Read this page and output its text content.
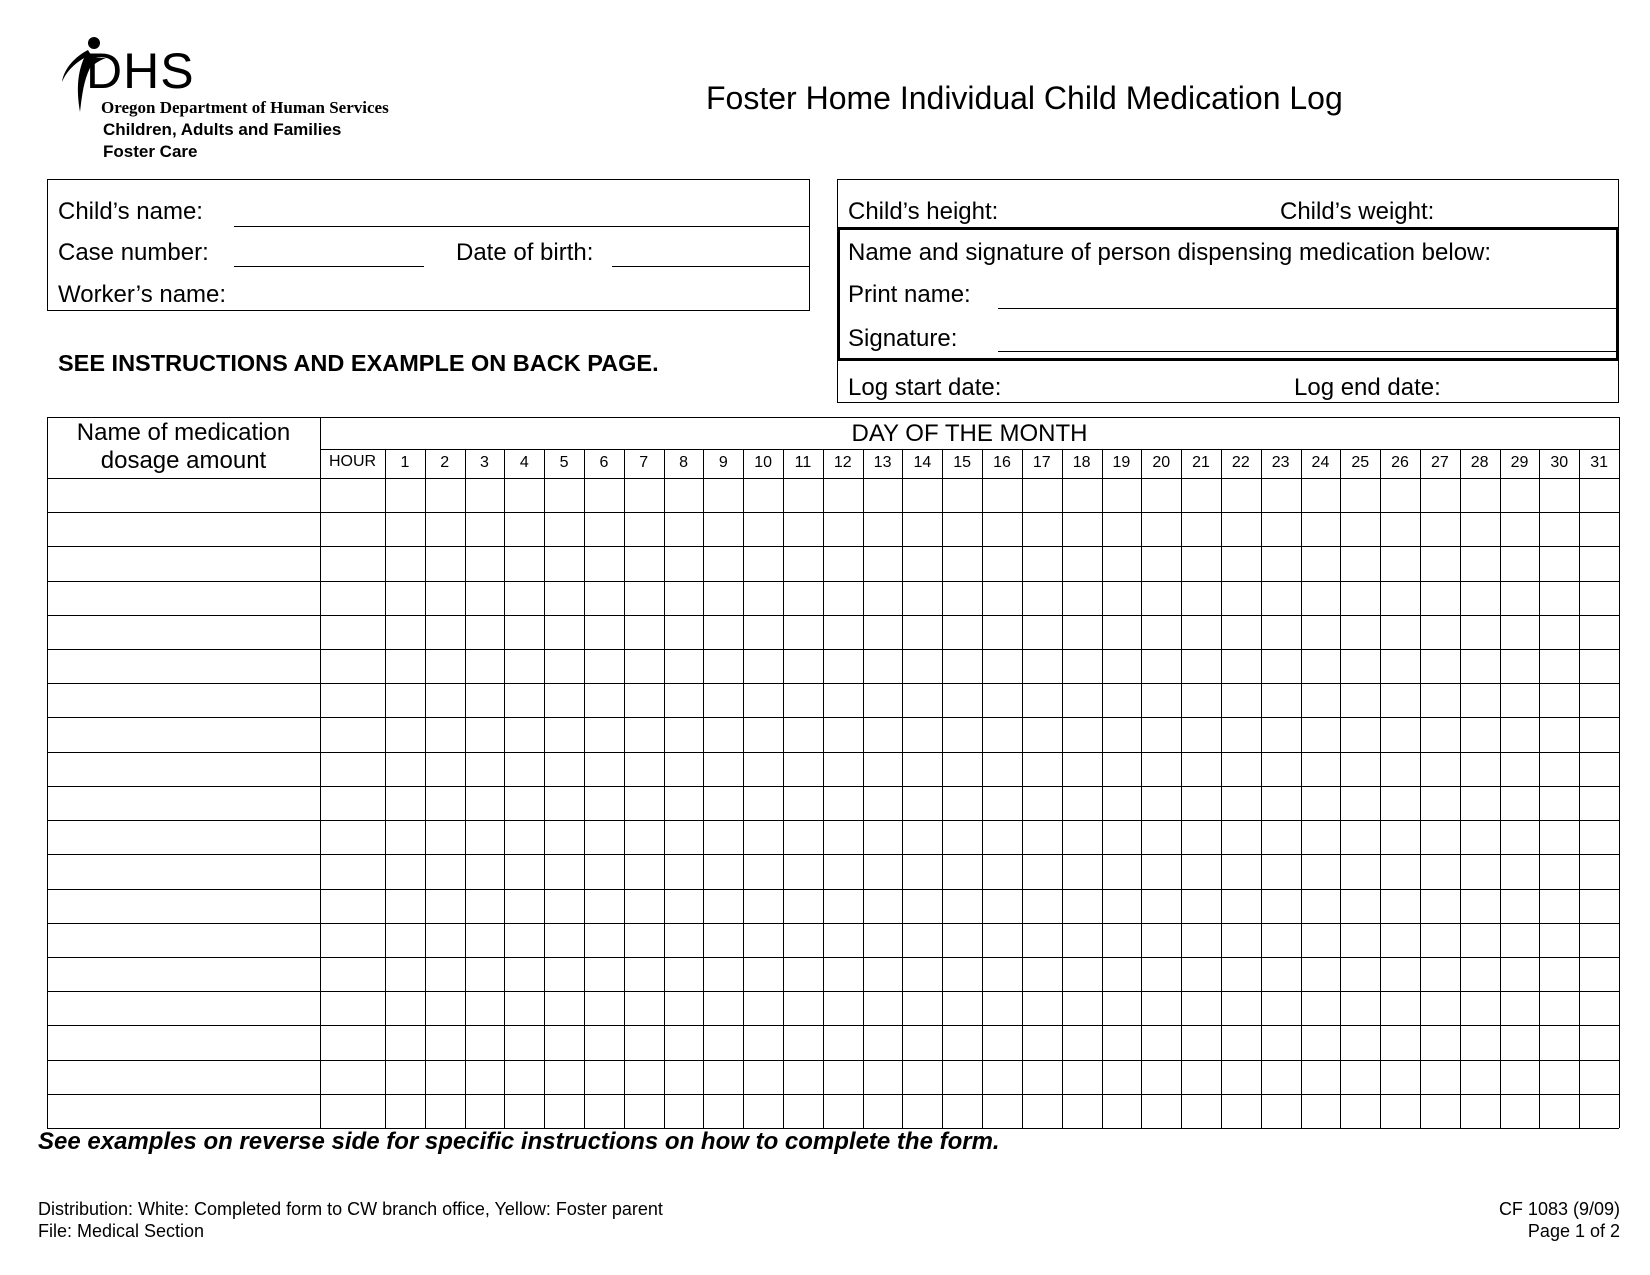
DHS
Oregon Department of Human Services
Children, Adults and Families
Foster Care
Foster Home Individual Child Medication Log
Child’s name:
Case number:	Date of birth:
Worker’s name:
SEE INSTRUCTIONS AND EXAMPLE ON BACK PAGE.
Child’s height:	Child’s weight:
Name and signature of person dispensing medication below:
Print name:
Signature:
Log start date:	Log end date:
Name of medication
dosage amount
DAY OF THE MONTH
HOUR	1	2	3	4	5	6	7	8	9	10	11	12	13	14	15	16	17	18	19	20	21	22	23	24	25	26	27	28	29	30	31
See examples on reverse side for specific instructions on how to complete the form.
Distribution: White: Completed form to CW branch office, Yellow: Foster parent
File: Medical Section
CF 1083 (9/09)
Page 1 of 2
